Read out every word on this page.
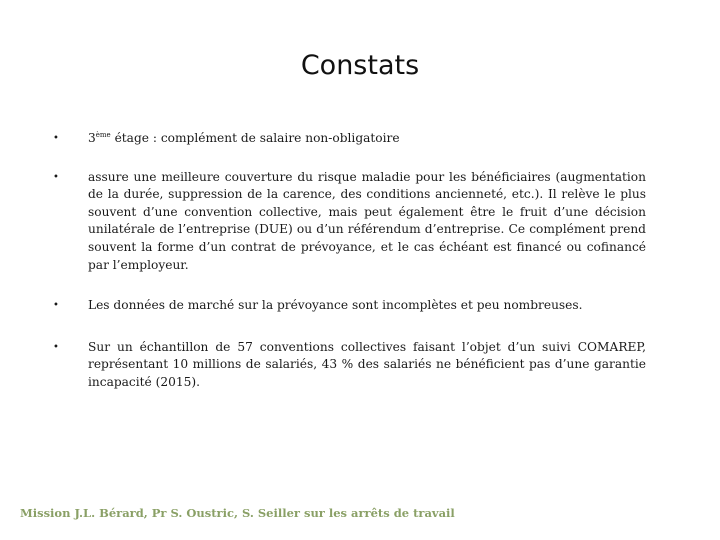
Constats
• 3ème étage : complément de salaire non-obligatoire
• assure une meilleure couverture du risque maladie pour les bénéficiaires (augmentation de la durée, suppression de la carence, des conditions ancienneté, etc.). Il relève le plus souvent d’une convention collective, mais peut également être le fruit d’une décision unilatérale de l’entreprise (DUE) ou d’un référendum d’entreprise. Ce complément prend souvent la forme d’un contrat de prévoyance, et le cas échéant est financé ou cofinancé par l’employeur.
• Les données de marché sur la prévoyance sont incomplètes et peu nombreuses.
• Sur un échantillon de 57 conventions collectives faisant l’objet d’un suivi COMAREP, représentant 10 millions de salariés, 43 % des salariés ne bénéficient pas d’une garantie incapacité (2015).
Mission J.L. Bérard, Pr S. Oustric, S. Seiller sur les arrêts de travail
